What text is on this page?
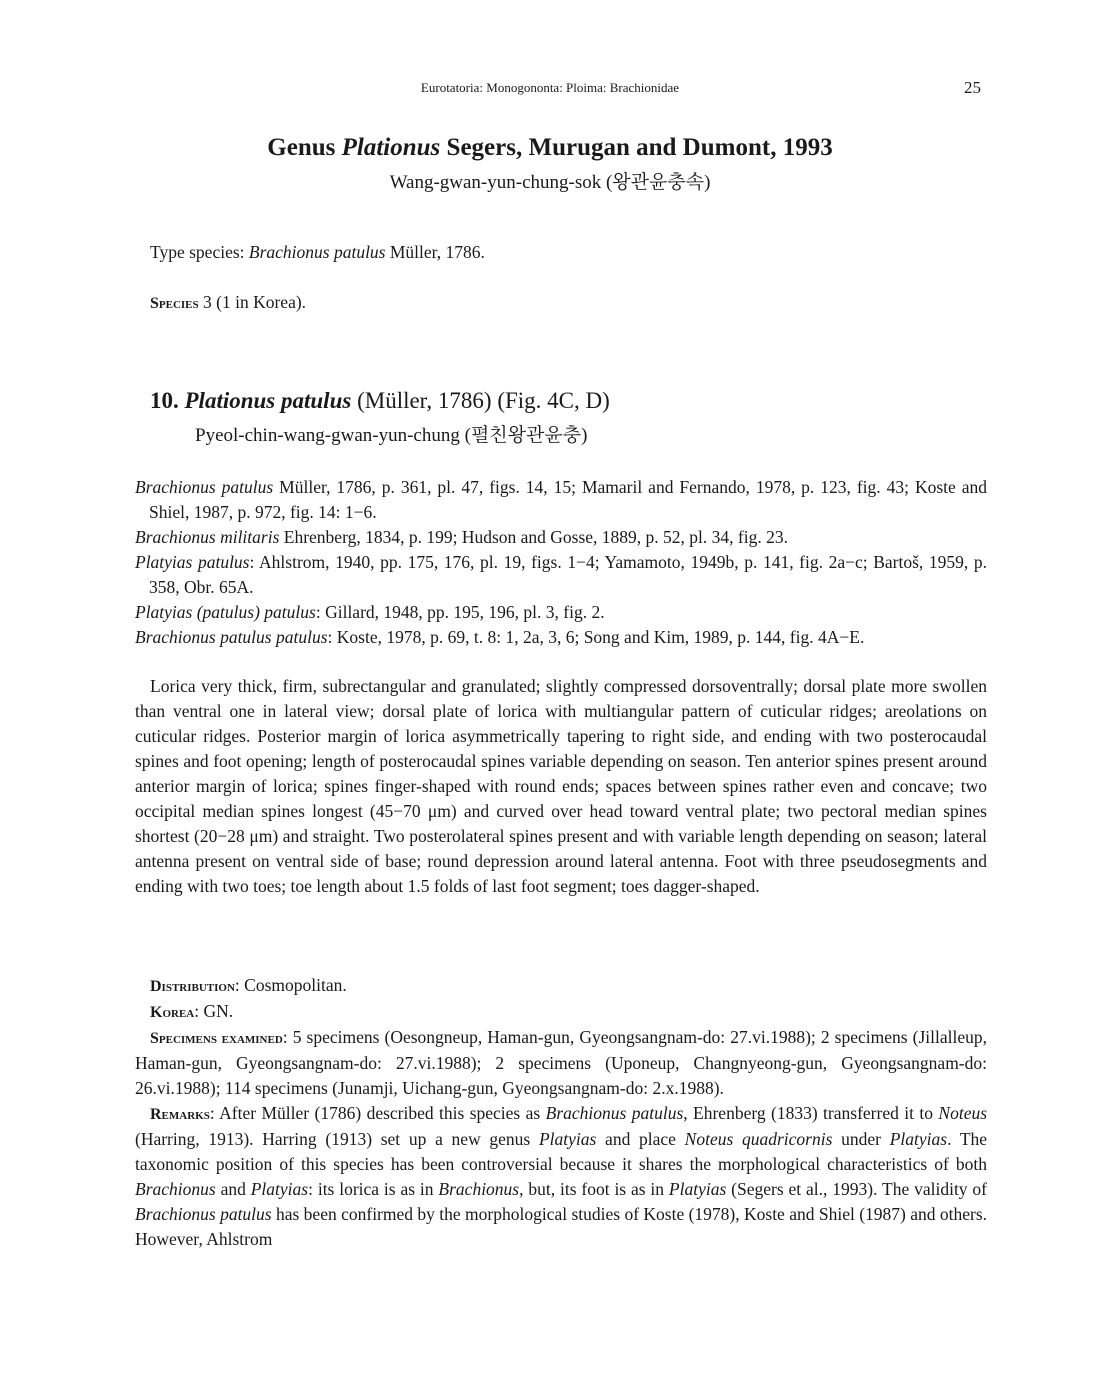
Eurotatoria: Monogononta: Ploima: Brachionidae	25
Genus Plationus Segers, Murugan and Dumont, 1993
Wang-gwan-yun-chung-sok (왕관윤충속)
Type species: Brachionus patulus Müller, 1786.
Species 3 (1 in Korea).
10. Plationus patulus (Müller, 1786) (Fig. 4C, D)
Pyeol-chin-wang-gwan-yun-chung (펼친왕관윤충)

Brachionus patulus Müller, 1786, p. 361, pl. 47, figs. 14, 15; Mamaril and Fernando, 1978, p. 123, fig. 43; Koste and Shiel, 1987, p. 972, fig. 14: 1−6.

Brachionus militaris Ehrenberg, 1834, p. 199; Hudson and Gosse, 1889, p. 52, pl. 34, fig. 23.

Platyias patulus: Ahlstrom, 1940, pp. 175, 176, pl. 19, figs. 1−4; Yamamoto, 1949b, p. 141, fig. 2a−c; Bartoš, 1959, p. 358, Obr. 65A.

Platyias (patulus) patulus: Gillard, 1948, pp. 195, 196, pl. 3, fig. 2.

Brachionus patulus patulus: Koste, 1978, p. 69, t. 8: 1, 2a, 3, 6; Song and Kim, 1989, p. 144, fig. 4A−E.

Lorica very thick, firm, subrectangular and granulated; slightly compressed dorsoventrally; dorsal plate more swollen than ventral one in lateral view; dorsal plate of lorica with multiangular pattern of cuticular ridges; areolations on cuticular ridges. Posterior margin of lorica asymmetrically tapering to right side, and ending with two posterocaudal spines and foot opening; length of posterocaudal spines variable depending on season. Ten anterior spines present around anterior margin of lorica; spines finger-shaped with round ends; spaces between spines rather even and concave; two occipital median spines longest (45−70 μm) and curved over head toward ventral plate; two pectoral median spines shortest (20−28 μm) and straight. Two posterolateral spines present and with variable length depending on season; lateral antenna present on ventral side of base; round depression around lateral antenna. Foot with three pseudosegments and ending with two toes; toe length about 1.5 folds of last foot segment; toes dagger-shaped.

Distribution: Cosmopolitan.

Korea: GN.

Specimens examined: 5 specimens (Oesongneup, Haman-gun, Gyeongsangnam-do: 27.vi.1988); 2 specimens (Jillalleup, Haman-gun, Gyeongsangnam-do: 27.vi.1988); 2 specimens (Uponeup, Changnyeong-gun, Gyeongsangnam-do: 26.vi.1988); 114 specimens (Junamji, Uichang-gun, Gyeongsangnam-do: 2.x.1988).

Remarks: After Müller (1786) described this species as Brachionus patulus, Ehrenberg (1833) transferred it to Noteus (Harring, 1913). Harring (1913) set up a new genus Platyias and place Noteus quadricornis under Platyias. The taxonomic position of this species has been controversial because it shares the morphological characteristics of both Brachionus and Platyias: its lorica is as in Brachionus, but, its foot is as in Platyias (Segers et al., 1993). The validity of Brachionus patulus has been confirmed by the morphological studies of Koste (1978), Koste and Shiel (1987) and others. However, Ahlstrom
